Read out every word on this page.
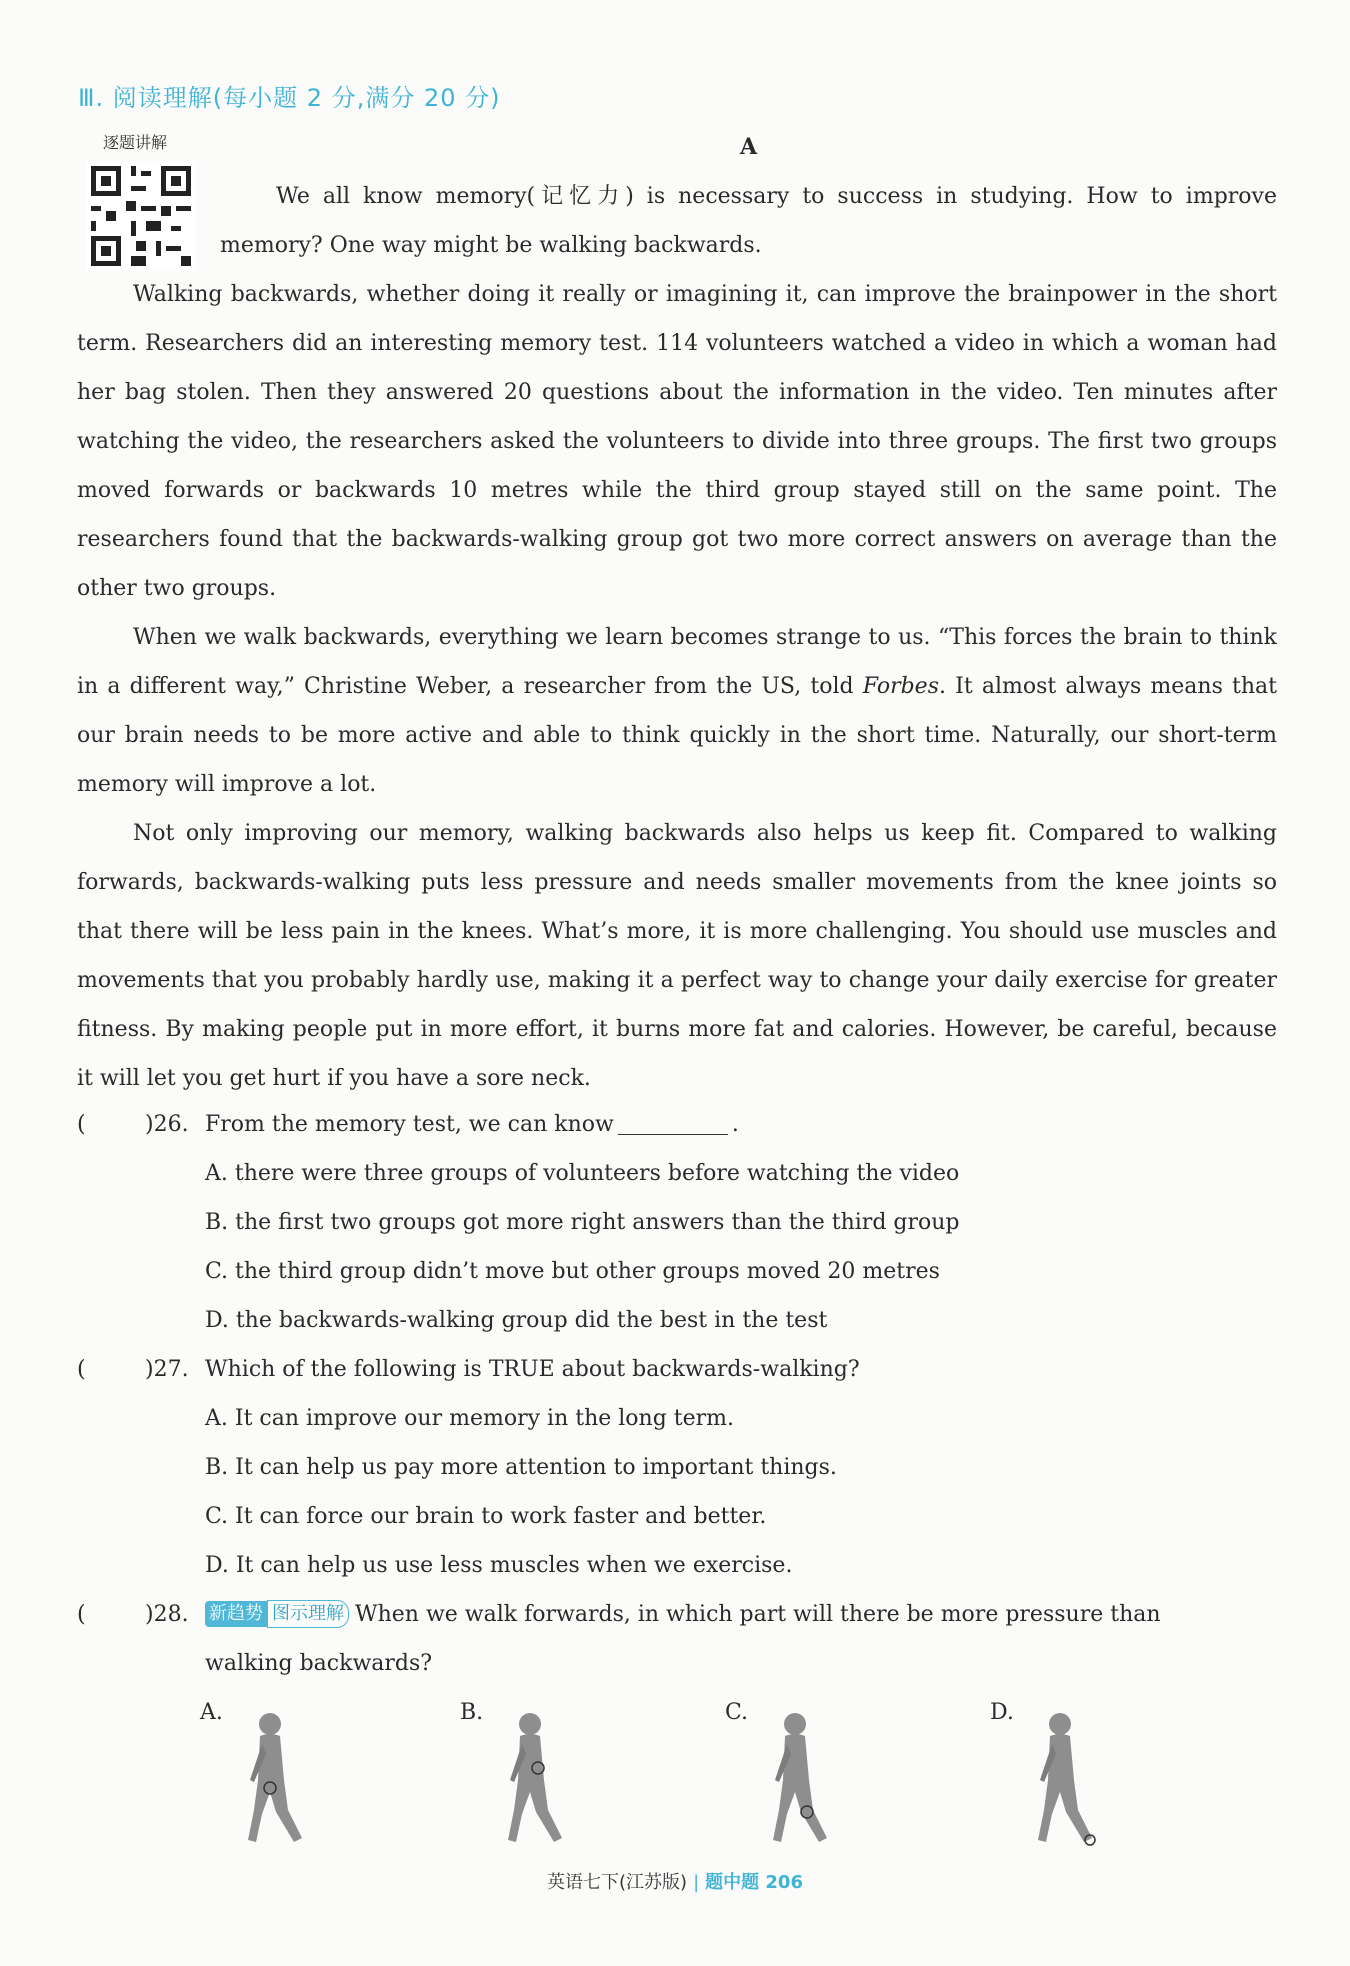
Ⅲ. 阅读理解(每小题 2 分,满分 20 分)
逐题讲解	A
We all know memory(记忆力) is necessary to success in studying. How to improve memory? One way might be walking backwards.
Walking backwards, whether doing it really or imagining it, can improve the brainpower in the short term. Researchers did an interesting memory test. 114 volunteers watched a video in which a woman had her bag stolen. Then they answered 20 questions about the information in the video. Ten minutes after watching the video, the researchers asked the volunteers to divide into three groups. The first two groups moved forwards or backwards 10 metres while the third group stayed still on the same point. The researchers found that the backwards-walking group got two more correct answers on average than the other two groups.
When we walk backwards, everything we learn becomes strange to us. “This forces the brain to think in a different way,” Christine Weber, a researcher from the US, told Forbes. It almost always means that our brain needs to be more active and able to think quickly in the short time. Naturally, our short-term memory will improve a lot.
Not only improving our memory, walking backwards also helps us keep fit. Compared to walking forwards, backwards-walking puts less pressure and needs smaller movements from the knee joints so that there will be less pain in the knees. What’s more, it is more challenging. You should use muscles and movements that you probably hardly use, making it a perfect way to change your daily exercise for greater fitness. By making people put in more effort, it burns more fat and calories. However, be careful, because it will let you get hurt if you have a sore neck.
(	)26. From the memory test, we can know	.
A. there were three groups of volunteers before watching the video
B. the first two groups got more right answers than the third group
C. the third group didn’t move but other groups moved 20 metres
D. the backwards-walking group did the best in the test
(	)27. Which of the following is TRUE about backwards-walking?
A. It can improve our memory in the long term.
B. It can help us pay more attention to important things.
C. It can force our brain to work faster and better.
D. It can help us use less muscles when we exercise.
(	)28. 新趋势 图示理解 When we walk forwards, in which part will there be more pressure than
walking backwards?
A.	B.	C.	D.
英语七下(江苏版) | 题中题 206
